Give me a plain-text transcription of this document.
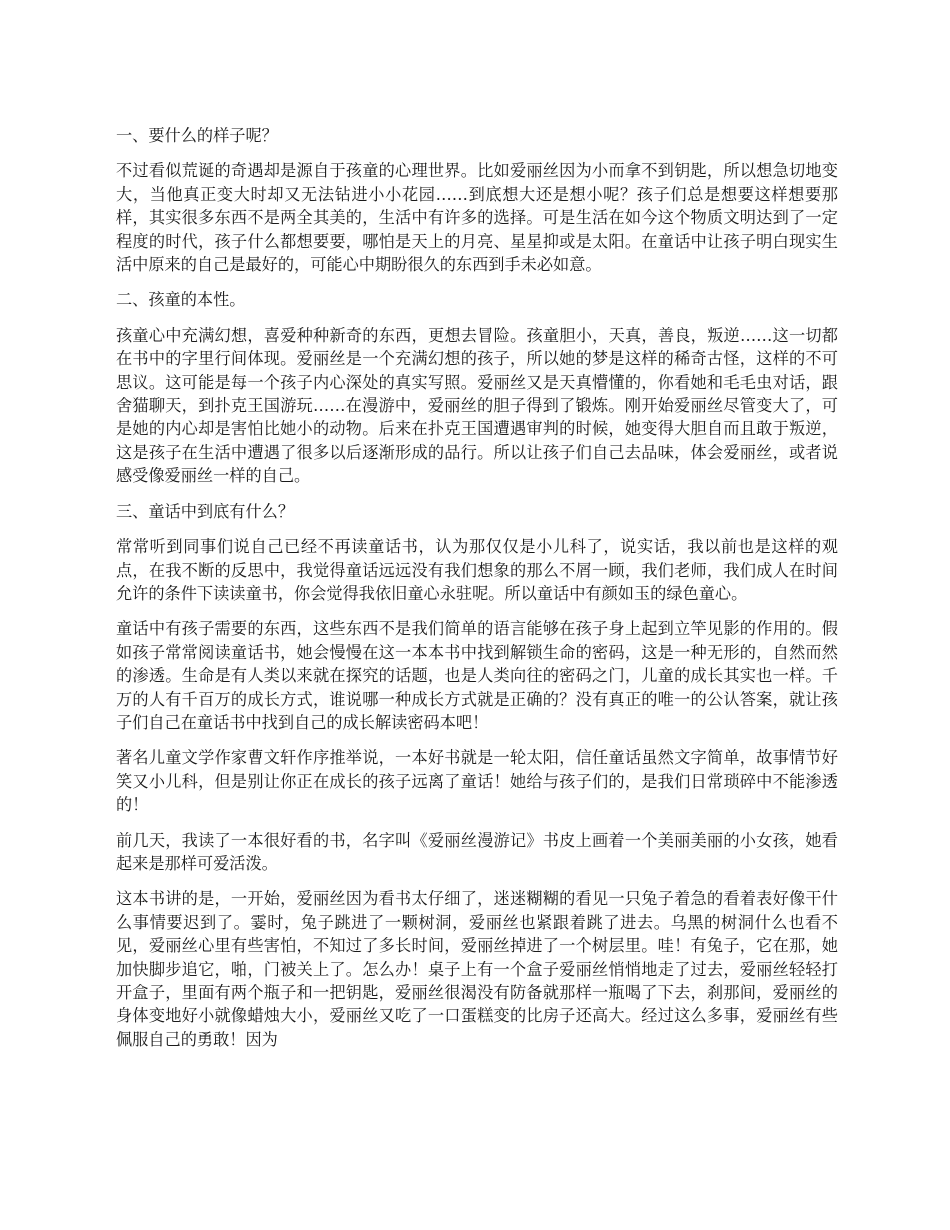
一、要什么的样子呢？
不过看似荒诞的奇遇却是源自于孩童的心理世界。比如爱丽丝因为小而拿不到钥匙，所以想急切地变大，当他真正变大时却又无法钻进小小花园……到底想大还是想小呢？孩子们总是想要这样想要那样，其实很多东西不是两全其美的，生活中有许多的选择。可是生活在如今这个物质文明达到了一定程度的时代，孩子什么都想要要，哪怕是天上的月亮、星星抑或是太阳。在童话中让孩子明白现实生活中原来的自己是最好的，可能心中期盼很久的东西到手未必如意。
二、孩童的本性。
孩童心中充满幻想，喜爱种种新奇的东西，更想去冒险。孩童胆小，天真，善良，叛逆……这一切都在书中的字里行间体现。爱丽丝是一个充满幻想的孩子，所以她的梦是这样的稀奇古怪，这样的不可思议。这可能是每一个孩子内心深处的真实写照。爱丽丝又是天真懵懂的，你看她和毛毛虫对话，跟舍猫聊天，到扑克王国游玩……在漫游中，爱丽丝的胆子得到了锻炼。刚开始爱丽丝尽管变大了，可是她的内心却是害怕比她小的动物。后来在扑克王国遭遇审判的时候，她变得大胆自而且敢于叛逆，这是孩子在生活中遭遇了很多以后逐渐形成的品行。所以让孩子们自己去品味，体会爱丽丝，或者说感受像爱丽丝一样的自己。
三、童话中到底有什么？
常常听到同事们说自己已经不再读童话书，认为那仅仅是小儿科了，说实话，我以前也是这样的观点，在我不断的反思中，我觉得童话远远没有我们想象的那么不屑一顾，我们老师，我们成人在时间允许的条件下读读童书，你会觉得我依旧童心永驻呢。所以童话中有颜如玉的绿色童心。
童话中有孩子需要的东西，这些东西不是我们简单的语言能够在孩子身上起到立竿见影的作用的。假如孩子常常阅读童话书，她会慢慢在这一本本书中找到解锁生命的密码，这是一种无形的，自然而然的渗透。生命是有人类以来就在探究的话题，也是人类向往的密码之门，儿童的成长其实也一样。千万的人有千百万的成长方式，谁说哪一种成长方式就是正确的？没有真正的唯一的公认答案，就让孩子们自己在童话书中找到自己的成长解读密码本吧！
著名儿童文学作家曹文轩作序推举说，一本好书就是一轮太阳，信任童话虽然文字简单，故事情节好笑又小儿科，但是别让你正在成长的孩子远离了童话！她给与孩子们的，是我们日常琐碎中不能渗透的！
前几天，我读了一本很好看的书，名字叫《爱丽丝漫游记》书皮上画着一个美丽美丽的小女孩，她看起来是那样可爱活泼。
这本书讲的是，一开始，爱丽丝因为看书太仔细了，迷迷糊糊的看见一只兔子着急的看着表好像干什么事情要迟到了。霎时，兔子跳进了一颗树洞，爱丽丝也紧跟着跳了进去。乌黑的树洞什么也看不见，爱丽丝心里有些害怕，不知过了多长时间，爱丽丝掉进了一个树层里。哇！有兔子，它在那，她加快脚步追它，啪，门被关上了。怎么办！桌子上有一个盒子爱丽丝悄悄地走了过去，爱丽丝轻轻打开盒子，里面有两个瓶子和一把钥匙，爱丽丝很渴没有防备就那样一瓶喝了下去，刹那间，爱丽丝的身体变地好小就像蜡烛大小，爱丽丝又吃了一口蛋糕变的比房子还高大。经过这么多事，爱丽丝有些佩服自己的勇敢！因为
